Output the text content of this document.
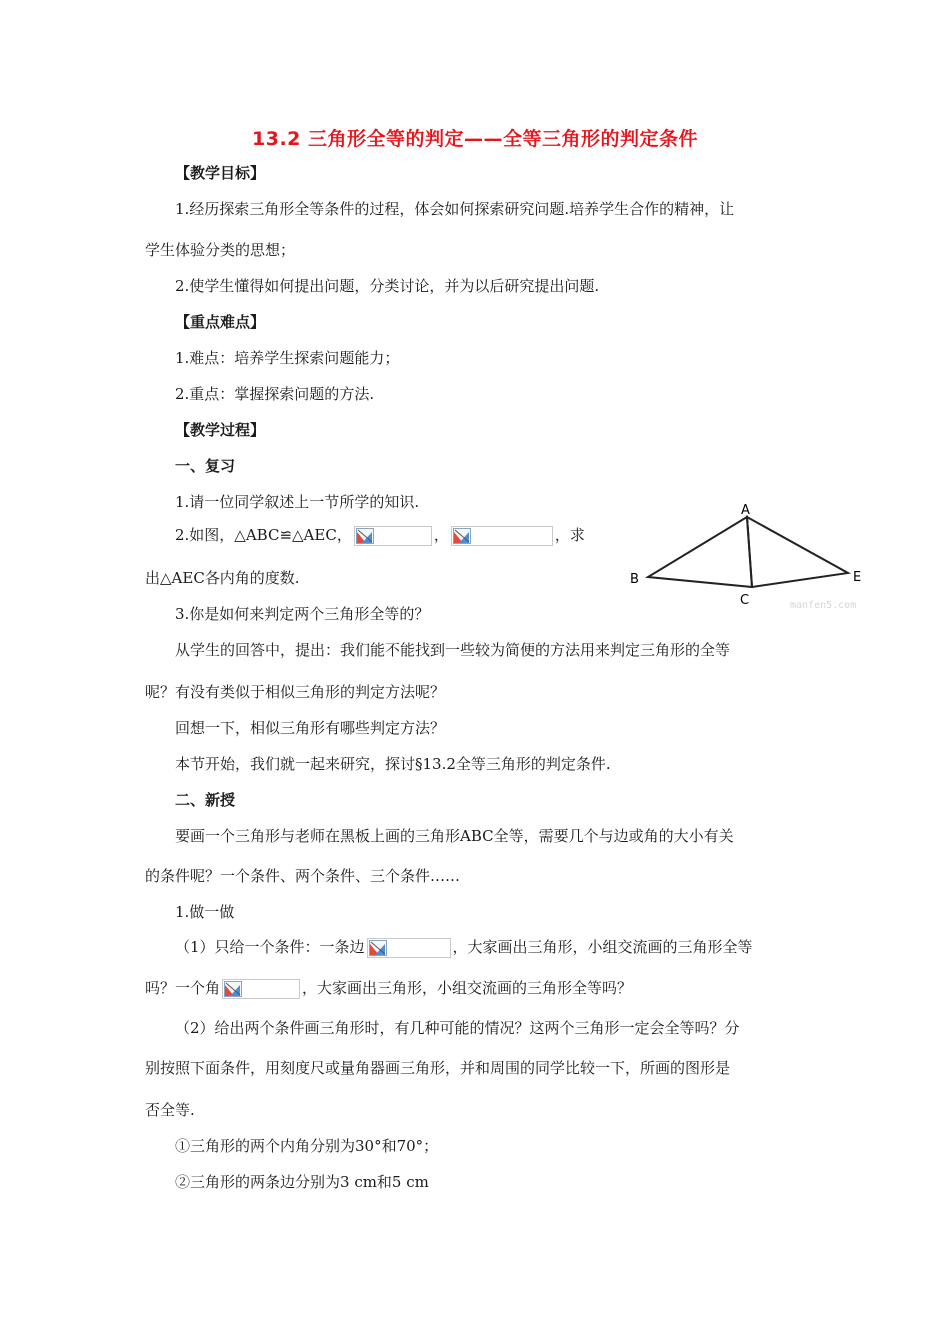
13.2 三角形全等的判定——全等三角形的判定条件
【教学目标】
1.经历探索三角形全等条件的过程，体会如何探索研究问题.培养学生合作的精神，让
学生体验分类的思想；
2.使学生懂得如何提出问题，分类讨论，并为以后研究提出问题.
【重点难点】
1.难点：培养学生探索问题能力；
2.重点：掌握探索问题的方法.
【教学过程】
一、复习
1.请一位同学叙述上一节所学的知识.
2.如图，△ABC≌△AEC，	，	，求
出△AEC各内角的度数.
3.你是如何来判定两个三角形全等的？
A
B
C
E
manfen5.com
从学生的回答中，提出：我们能不能找到一些较为简便的方法用来判定三角形的全等
呢？有没有类似于相似三角形的判定方法呢？
回想一下，相似三角形有哪些判定方法？
本节开始，我们就一起来研究，探讨§13.2全等三角形的判定条件.
二、新授
要画一个三角形与老师在黑板上画的三角形ABC全等，需要几个与边或角的大小有关
的条件呢？一个条件、两个条件、三个条件……
1.做一做
（1）只给一个条件：一条边	，大家画出三角形，小组交流画的三角形全等
吗？一个角	，大家画出三角形，小组交流画的三角形全等吗？
（2）给出两个条件画三角形时，有几种可能的情况？这两个三角形一定会全等吗？分
别按照下面条件，用刻度尺或量角器画三角形，并和周围的同学比较一下，所画的图形是
否全等.
①三角形的两个内角分别为30°和70°；
②三角形的两条边分别为3 cm和5 cm
